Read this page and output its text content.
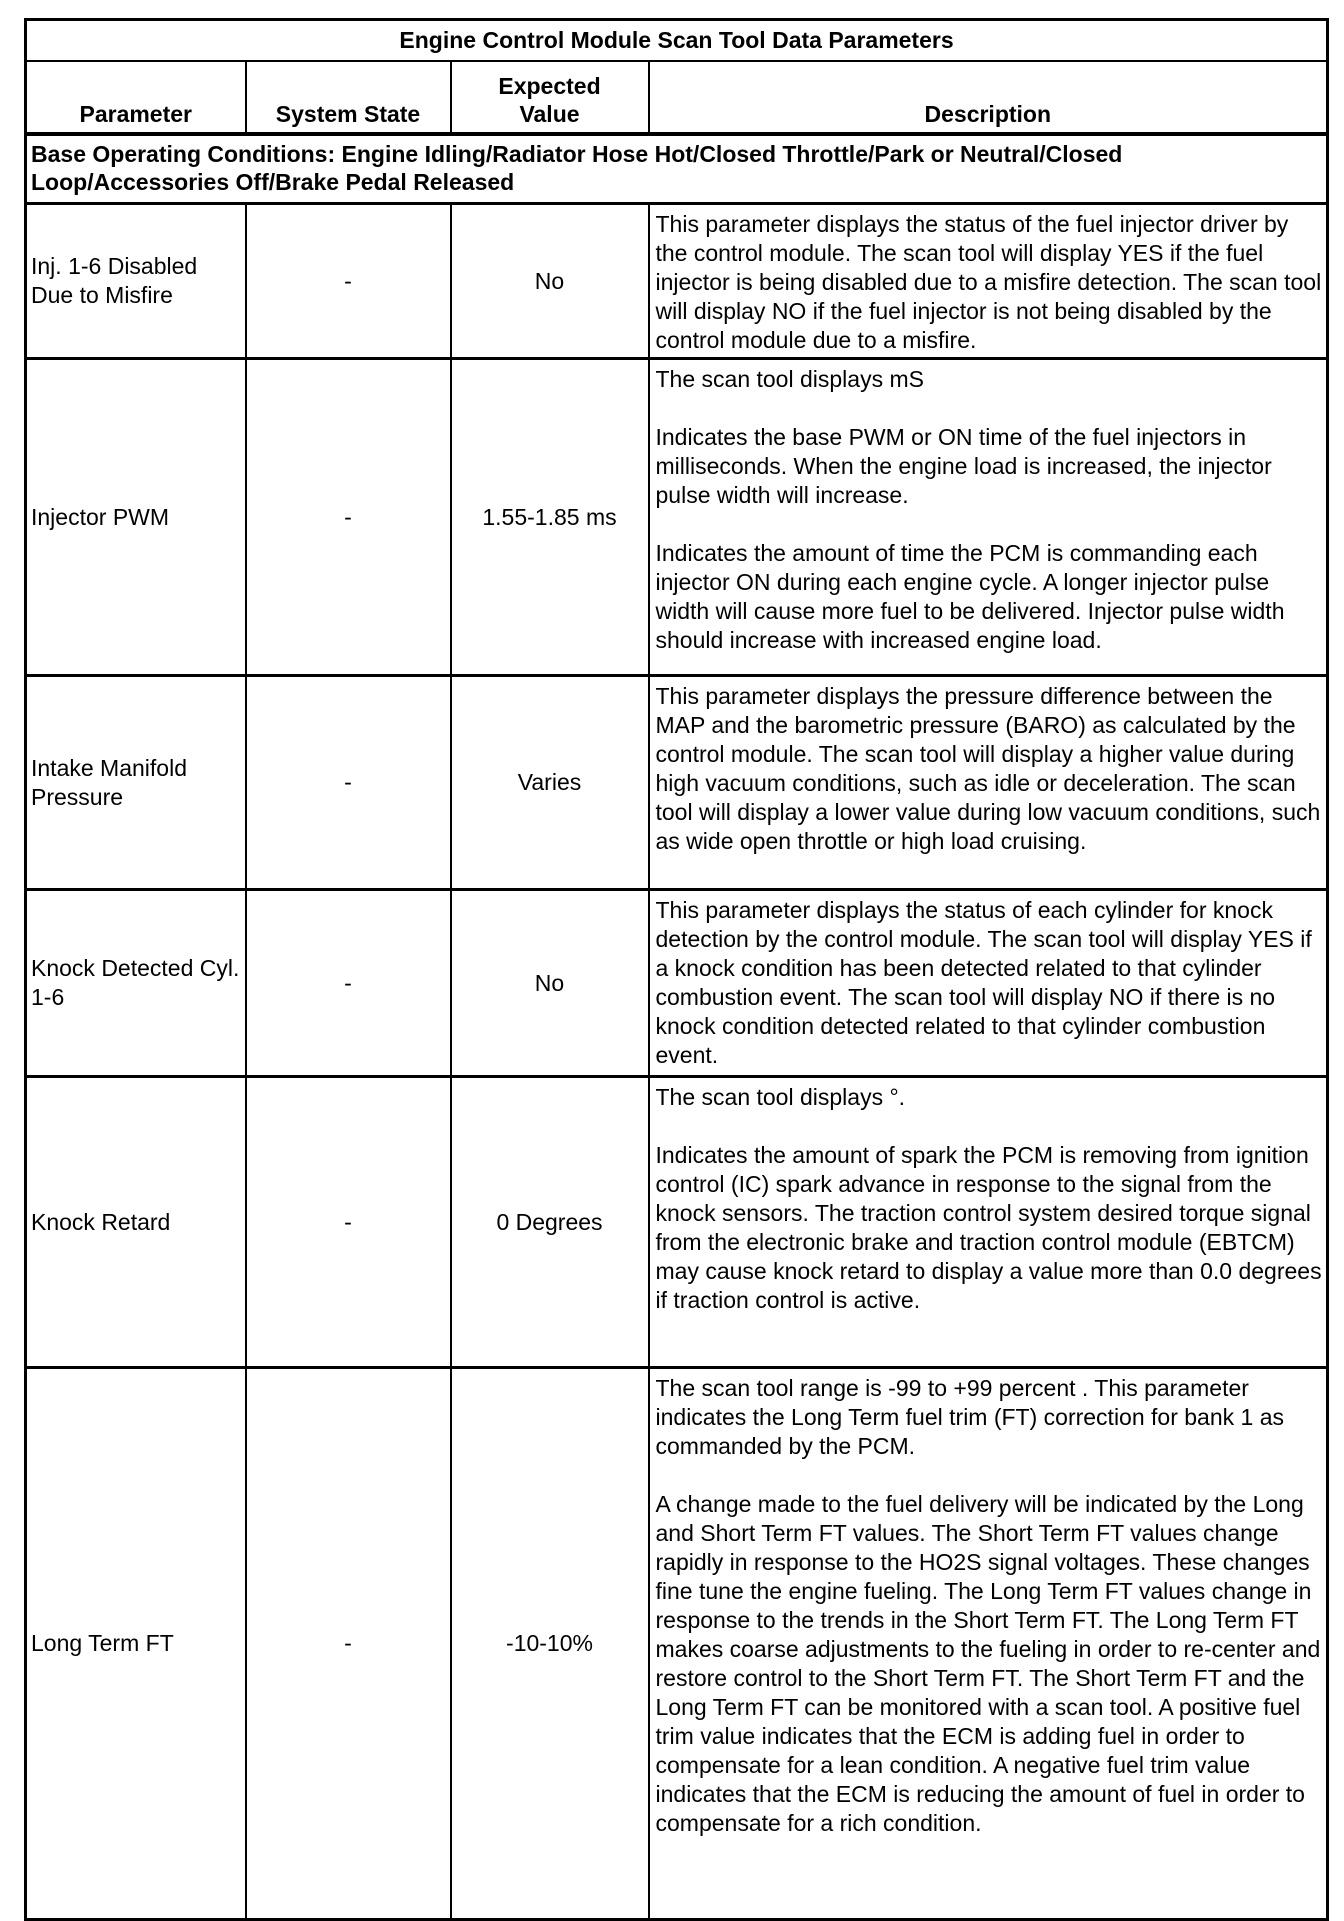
Engine Control Module Scan Tool Data Parameters			
Parameter	System State	Expected Value	Description
Base Operating Conditions: Engine Idling/Radiator Hose Hot/Closed Throttle/Park or Neutral/Closed Loop/Accessories Off/Brake Pedal Released			
Inj. 1-6 Disabled Due to Misfire	-	No	This parameter displays the status of the fuel injector driver by the control module. The scan tool will display YES if the fuel injector is being disabled due to a misfire detection. The scan tool will display NO if the fuel injector is not being disabled by the control module due to a misfire.

Injector PWM	-	1.55-1.85 ms	The scan tool displays mS

Indicates the base PWM or ON time of the fuel injectors in milliseconds. When the engine load is increased, the injector pulse width will increase.

Indicates the amount of time the PCM is commanding each injector ON during each engine cycle. A longer injector pulse width will cause more fuel to be delivered. Injector pulse width should increase with increased engine load.

Intake Manifold Pressure	-	Varies	This parameter displays the pressure difference between the MAP and the barometric pressure (BARO) as calculated by the control module. The scan tool will display a higher value during high vacuum conditions, such as idle or deceleration. The scan tool will display a lower value during low vacuum conditions, such as wide open throttle or high load cruising.

Knock Detected Cyl. 1-6	-	No	This parameter displays the status of each cylinder for knock detection by the control module. The scan tool will display YES if a knock condition has been detected related to that cylinder combustion event. The scan tool will display NO if there is no knock condition detected related to that cylinder combustion event.

Knock Retard	-	0 Degrees	The scan tool displays °.

Indicates the amount of spark the PCM is removing from ignition control (IC) spark advance in response to the signal from the knock sensors. The traction control system desired torque signal from the electronic brake and traction control module (EBTCM) may cause knock retard to display a value more than 0.0 degrees if traction control is active.

Long Term FT	-	-10-10%	The scan tool range is -99 to +99 percent . This parameter indicates the Long Term fuel trim (FT) correction for bank 1 as commanded by the PCM.

A change made to the fuel delivery will be indicated by the Long and Short Term FT values. The Short Term FT values change rapidly in response to the HO2S signal voltages. These changes fine tune the engine fueling. The Long Term FT values change in response to the trends in the Short Term FT. The Long Term FT makes coarse adjustments to the fueling in order to re-center and restore control to the Short Term FT. The Short Term FT and the Long Term FT can be monitored with a scan tool. A positive fuel trim value indicates that the ECM is adding fuel in order to compensate for a lean condition. A negative fuel trim value indicates that the ECM is reducing the amount of fuel in order to compensate for a rich condition.
